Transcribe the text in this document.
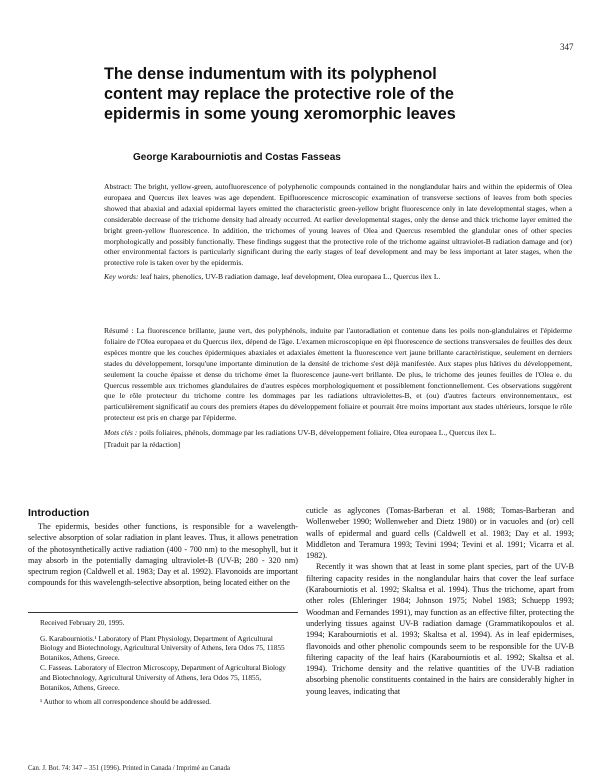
347
The dense indumentum with its polyphenol
content may replace the protective role of the
epidermis in some young xeromorphic leaves
George Karabourniotis and Costas Fasseas

Abstract: The bright, yellow-green, autofluorescence of polyphenolic compounds contained in the nonglandular hairs and within the epidermis of Olea europaea and Quercus ilex leaves was age dependent. Epifluorescence microscopic examination of transverse sections of leaves from both species showed that abaxial and adaxial epidermal layers emitted the characteristic green-yellow bright fluorescence only in late developmental stages, when a considerable decrease of the trichome density had already occurred. At earlier developmental stages, only the dense and thick trichome layer emitted the bright green-yellow fluorescence. In addition, the trichomes of young leaves of Olea and Quercus resembled the glandular ones of other species morphologically and possibly functionally. These findings suggest that the protective role of the trichome against ultraviolet-B radiation damage and (or) other environmental factors is particularly significant during the early stages of leaf development and may be less important at later stages, when the protective role is taken over by the epidermis.

Key words: leaf hairs, phenolics, UV-B radiation damage, leaf development, Olea europaea L., Quercus ilex L.

Résumé : La fluorescence brillante, jaune vert, des polyphénols, induite par l'autoradiation et contenue dans les poils non-glandulaires et l'épiderme foliaire de l'Olea europaea et du Quercus ilex, dépend de l'âge. L'examen microscopique en épi fluorescence de sections transversales de feuilles des deux espèces montre que les couches épidermiques abaxiales et adaxiales émettent la fluorescence vert jaune brillante caractéristique, seulement en derniers stades du développement, lorsqu'une importante diminution de la densité de trichome s'est déjà manifestée. Aux stapes plus hâtives du développement, seulement la couche épaisse et dense du trichome émet la fluorescence jaune-vert brillante. De plus, le trichome des jeunes feuilles de l'Olea e. du Quercus ressemble aux trichomes glandulaires de d'autres espèces morphologiquement et possiblement fonctionnellement. Ces observations suggèrent que le rôle protecteur du trichome contre les dommages par les radiations ultraviolettes-B, et (ou) d'autres facteurs environnementaux, est particulièrement significatif au cours des premiers étapes du développement foliaire et pourrait être moins important aux stades ultérieurs, lorsque le rôle protecteur est pris en charge par l'épiderme.

Mots clés : poils foliaires, phénols, dommage par les radiations UV-B, développement foliaire, Olea europaea L., Quercus ilex L.

[Traduit par la rédaction]

Introduction

The epidermis, besides other functions, is responsible for a wavelength-selective absorption of solar radiation in plant leaves. Thus, it allows penetration of the photosynthetically active radiation (400 - 700 nm) to the mesophyll, but it may absorb in the potentially damaging ultraviolet-B (UV-B; 280 - 320 nm) spectrum region (Caldwell et al. 1983; Day et al. 1992). Flavonoids are important compounds for this wavelength-selective absorption, being located either on the

Received February 20, 1995.

G. Karabourniotis.¹ Laboratory of Plant Physiology, Department of Agricultural Biology and Biotechnology, Agricultural University of Athens, Iera Odos 75, 11855 Botanikos, Athens, Greece.

C. Fasseas. Laboratory of Electron Microscopy, Department of Agricultural Biology and Biotechnology, Agricultural University of Athens, Iera Odos 75, 11855, Botanikos, Athens, Greece.

¹ Author to whom all correspondence should be addressed.

cuticle as aglycones (Tomas-Barberan et al. 1988; Tomas-Barberan and Wollenweber 1990; Wollenweber and Dietz 1980) or in vacuoles and (or) cell walls of epidermal and guard cells (Caldwell et al. 1983; Day et al. 1993; Middleton and Teramura 1993; Tevini 1994; Tevini et al. 1991; Vicarra et al. 1982).

Recently it was shown that at least in some plant species, part of the UV-B filtering capacity resides in the nonglandular hairs that cover the leaf surface (Karabourniotis et al. 1992; Skaltsa et al. 1994). Thus the trichome, apart from other roles (Ehleringer 1984; Johnson 1975; Nobel 1983; Schuepp 1993; Woodman and Fernandes 1991), may function as an effective filter, protecting the underlying tissues against UV-B radiation damage (Grammatikopoulos et al. 1994; Karabourniotis et al. 1993; Skaltsa et al. 1994). As in leaf epidermises, flavonoids and other phenolic compounds seem to be responsible for the UV-B filtering capacity of the leaf hairs (Karabourniotis et al. 1992; Skaltsa et al. 1994). Trichome density and the relative quantities of the UV-B radiation absorbing phenolic constituents contained in the hairs are considerably higher in young leaves, indicating that

Can. J. Bot. 74: 347 – 351 (1996). Printed in Canada / Imprimé au Canada
